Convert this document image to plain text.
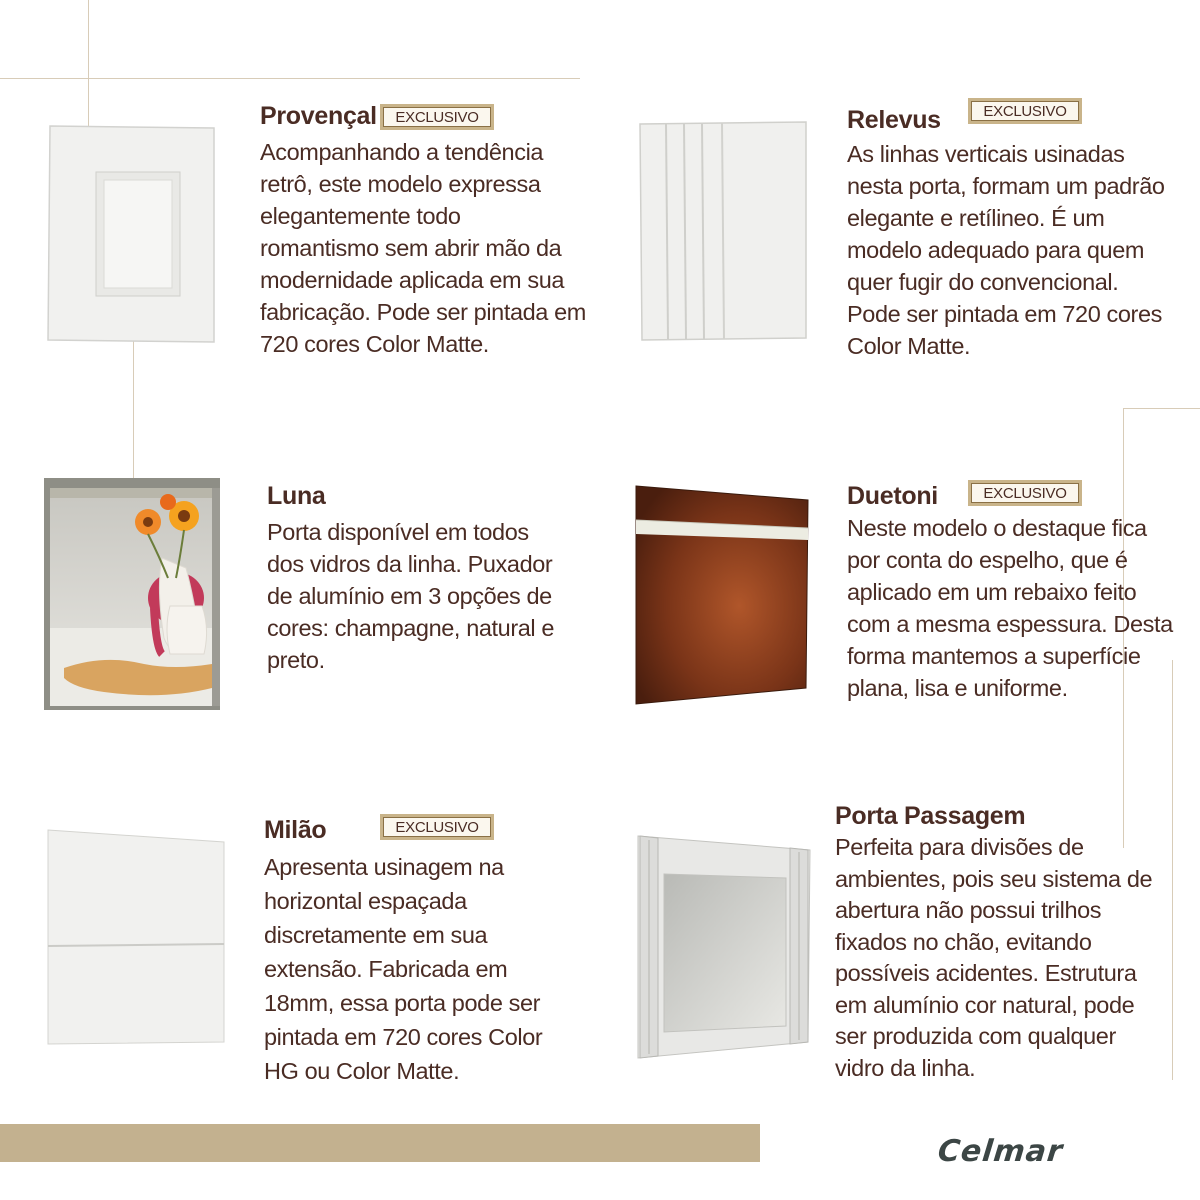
Provençal	EXCLUSIVO
Acompanhando a tendência
retrô, este modelo expressa
elegantemente todo
romantismo sem abrir mão da
modernidade aplicada em sua
fabricação. Pode ser pintada em
720 cores Color Matte.
Relevus	EXCLUSIVO
As linhas verticais usinadas
nesta porta, formam um padrão
elegante e retílineo. É um
modelo adequado para quem
quer fugir do convencional.
Pode ser pintada em 720 cores
Color Matte.
Luna
Porta disponível em todos
dos vidros da linha. Puxador
de alumínio em 3 opções de
cores: champagne, natural e
preto.
Duetoni	EXCLUSIVO
Neste modelo o destaque fica
por conta do espelho, que é
aplicado em um rebaixo feito
com a mesma espessura. Desta
forma mantemos a superfície
plana, lisa e uniforme.
Milão	EXCLUSIVO
Apresenta usinagem na
horizontal espaçada
discretamente em sua
extensão. Fabricada em
18mm, essa porta pode ser
pintada em 720 cores Color
HG ou Color Matte.
Porta Passagem
Perfeita para divisões de
ambientes, pois seu sistema de
abertura não possui trilhos
fixados no chão, evitando
possíveis acidentes. Estrutura
em alumínio cor natural, pode
ser produzida com qualquer
vidro da linha.
Celmar
